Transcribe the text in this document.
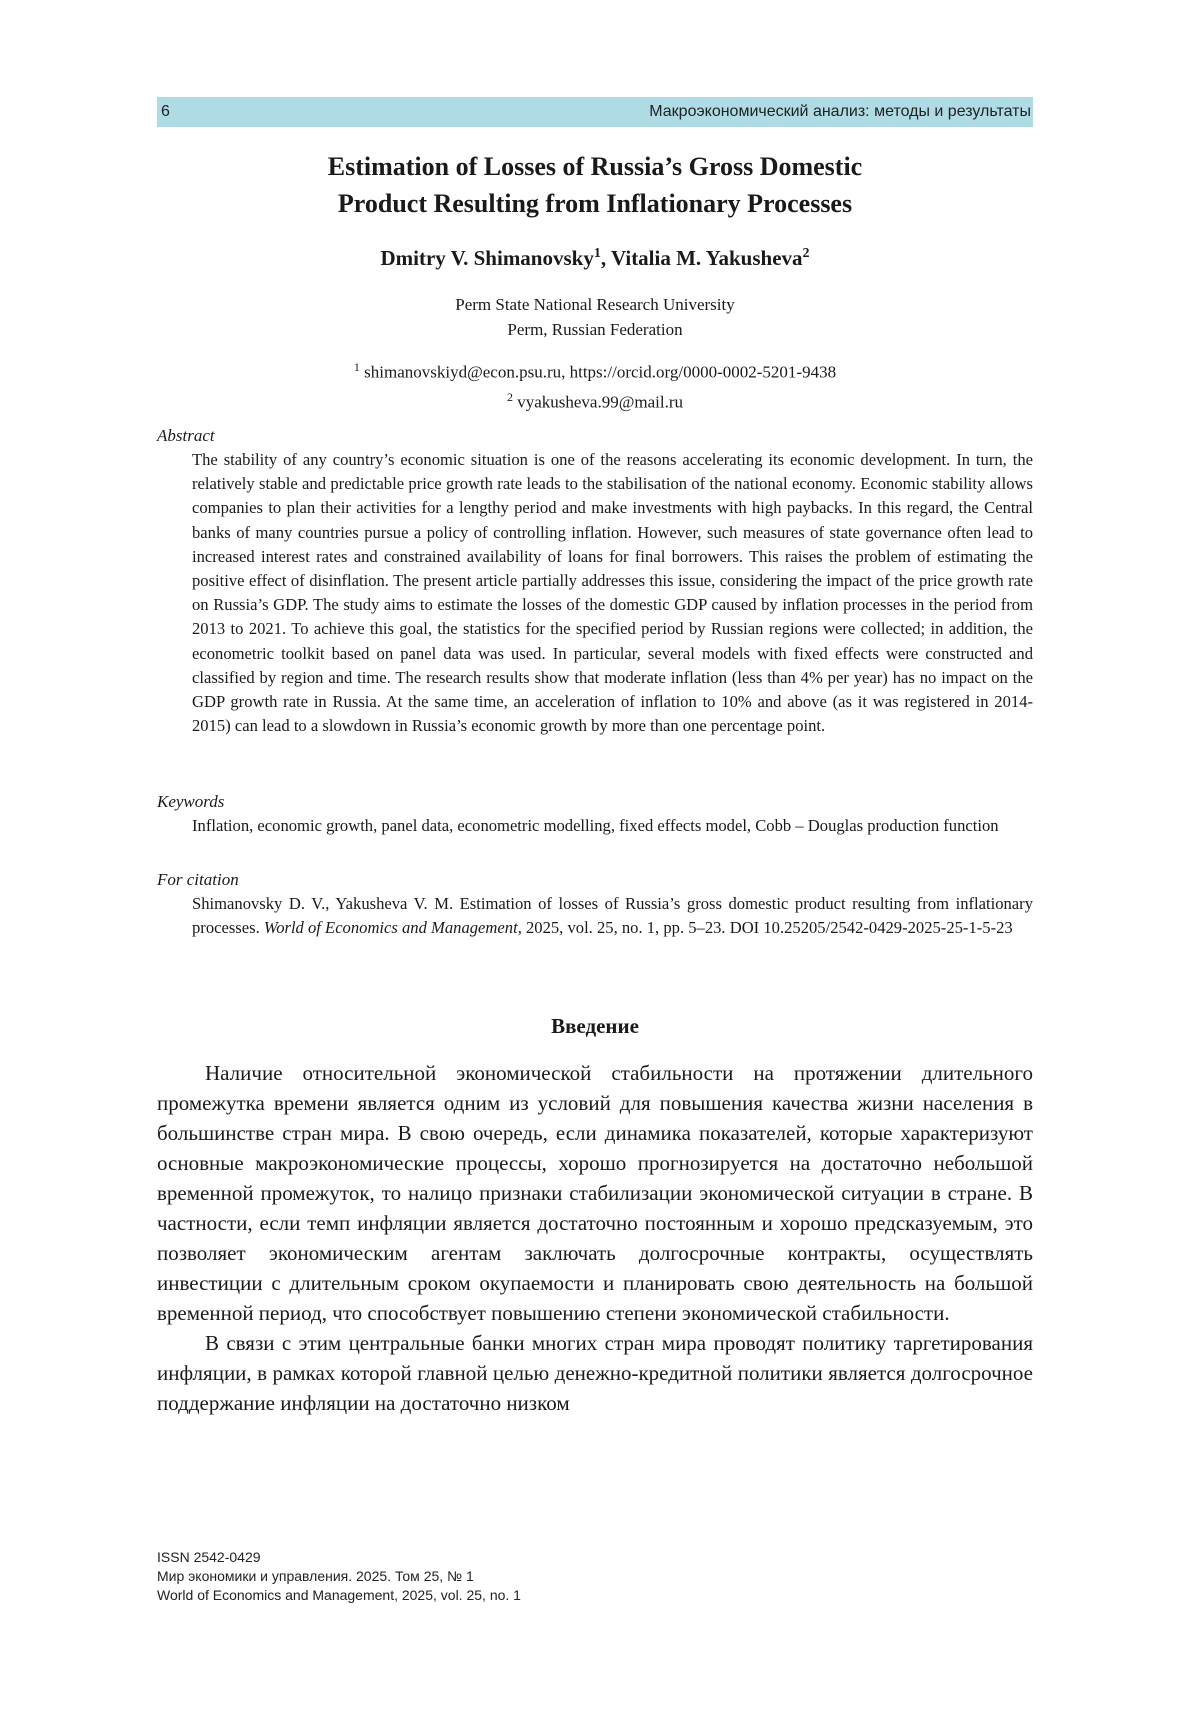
6	Макроэкономический анализ: методы и результаты
Estimation of Losses of Russia’s Gross Domestic
Product Resulting from Inflationary Processes
Dmitry V. Shimanovsky$^1$, Vitalia M. Yakusheva$^2$
Perm State National Research University
Perm, Russian Federation
$^1$ shimanovskiyd@econ.psu.ru, https://orcid.org/0000-0002-5201-9438
$^2$ vyakusheva.99@mail.ru
Abstract
The stability of any country’s economic situation is one of the reasons accelerating its economic development. In turn, the relatively stable and predictable price growth rate leads to the stabilisation of the national economy. Economic stability allows companies to plan their activities for a lengthy period and make investments with high paybacks. In this regard, the Central banks of many countries pursue a policy of controlling inflation. However, such measures of state governance often lead to increased interest rates and constrained availability of loans for final borrowers. This raises the problem of estimating the positive effect of disinflation. The present article partially addresses this issue, considering the impact of the price growth rate on Russia’s GDP. The study aims to estimate the losses of the domestic GDP caused by inflation processes in the period from 2013 to 2021. To achieve this goal, the statistics for the specified period by Russian regions were collected; in addition, the econometric toolkit based on panel data was used. In particular, several models with fixed effects were constructed and classified by region and time. The research results show that moderate inflation (less than 4% per year) has no impact on the GDP growth rate in Russia. At the same time, an acceleration of inflation to 10% and above (as it was registered in 2014-2015) can lead to a slowdown in Russia’s economic growth by more than one percentage point.
Keywords
Inflation, economic growth, panel data, econometric modelling, fixed effects model, Cobb – Douglas production function
For citation
Shimanovsky D. V., Yakusheva V. M. Estimation of losses of Russia’s gross domestic product resulting from inflationary processes. World of Economics and Management, 2025, vol. 25, no. 1, pp. 5–23. DOI 10.25205/2542-0429-2025-25-1-5-23
Введение

Наличие относительной экономической стабильности на протяжении длительного промежутка времени является одним из условий для повышения качества жизни населения в большинстве стран мира. В свою очередь, если динамика показателей, которые характеризуют основные макроэкономические процессы, хорошо прогнозируется на достаточно небольшой временной промежуток, то налицо признаки стабилизации экономической ситуации в стране. В частности, если темп инфляции является достаточно постоянным и хорошо предсказуемым, это позволяет экономическим агентам заключать долгосрочные контракты, осуществлять инвестиции с длительным сроком окупаемости и планировать свою деятельность на большой временной период, что способствует повышению степени экономической стабильности.

В связи с этим центральные банки многих стран мира проводят политику таргетирования инфляции, в рамках которой главной целью денежно-кредитной политики является долгосрочное поддержание инфляции на достаточно низком

ISSN 2542-0429
Мир экономики и управления. 2025. Том 25, № 1
World of Economics and Management, 2025, vol. 25, no. 1
